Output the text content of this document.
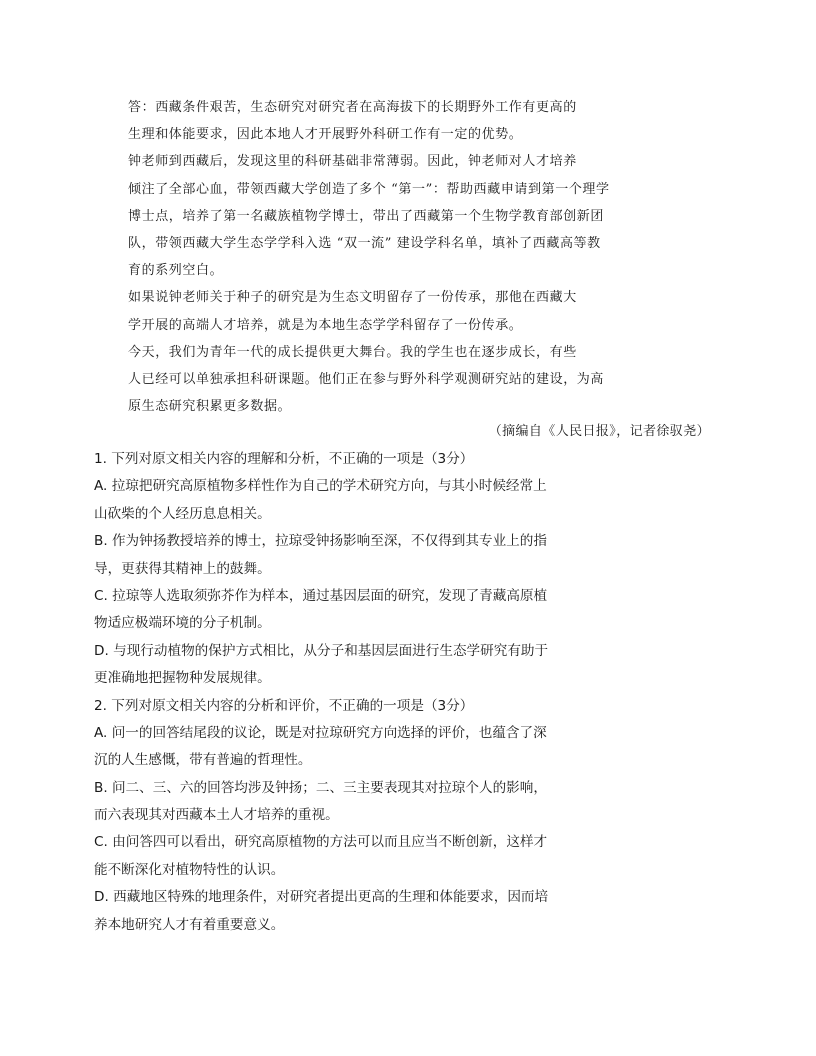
答：西藏条件艰苦，生态研究对研究者在高海拔下的长期野外工作有更高的
生理和体能要求，因此本地人才开展野外科研工作有一定的优势。
钟老师到西藏后，发现这里的科研基础非常薄弱。因此，钟老师对人才培养
倾注了全部心血，带领西藏大学创造了多个 “第一”：帮助西藏申请到第一个理学
博士点，培养了第一名藏族植物学博士，带出了西藏第一个生物学教育部创新团
队，带领西藏大学生态学学科入选 “双一流” 建设学科名单，填补了西藏高等教
育的系列空白。
如果说钟老师关于种子的研究是为生态文明留存了一份传承，那他在西藏大
学开展的高端人才培养，就是为本地生态学学科留存了一份传承。
今天，我们为青年一代的成长提供更大舞台。我的学生也在逐步成长，有些
人已经可以单独承担科研课题。他们正在参与野外科学观测研究站的建设，为高
原生态研究积累更多数据。
（摘编自《人民日报》，记者徐驭尧）
1. 下列对原文相关内容的理解和分析，不正确的一项是（3分）
A. 拉琼把研究高原植物多样性作为自己的学术研究方向，与其小时候经常上
山砍柴的个人经历息息相关。
B. 作为钟扬教授培养的博士，拉琼受钟扬影响至深，不仅得到其专业上的指
导，更获得其精神上的鼓舞。
C. 拉琼等人选取须弥芥作为样本，通过基因层面的研究，发现了青藏高原植
物适应极端环境的分子机制。
D. 与现行动植物的保护方式相比，从分子和基因层面进行生态学研究有助于
更准确地把握物种发展规律。
2. 下列对原文相关内容的分析和评价，不正确的一项是（3分）
A. 问一的回答结尾段的议论，既是对拉琼研究方向选择的评价，也蕴含了深
沉的人生感慨，带有普遍的哲理性。
B. 问二、三、六的回答均涉及钟扬；二、三主要表现其对拉琼个人的影响，
而六表现其对西藏本土人才培养的重视。
C. 由问答四可以看出，研究高原植物的方法可以而且应当不断创新，这样才
能不断深化对植物特性的认识。
D. 西藏地区特殊的地理条件，对研究者提出更高的生理和体能要求，因而培
养本地研究人才有着重要意义。
